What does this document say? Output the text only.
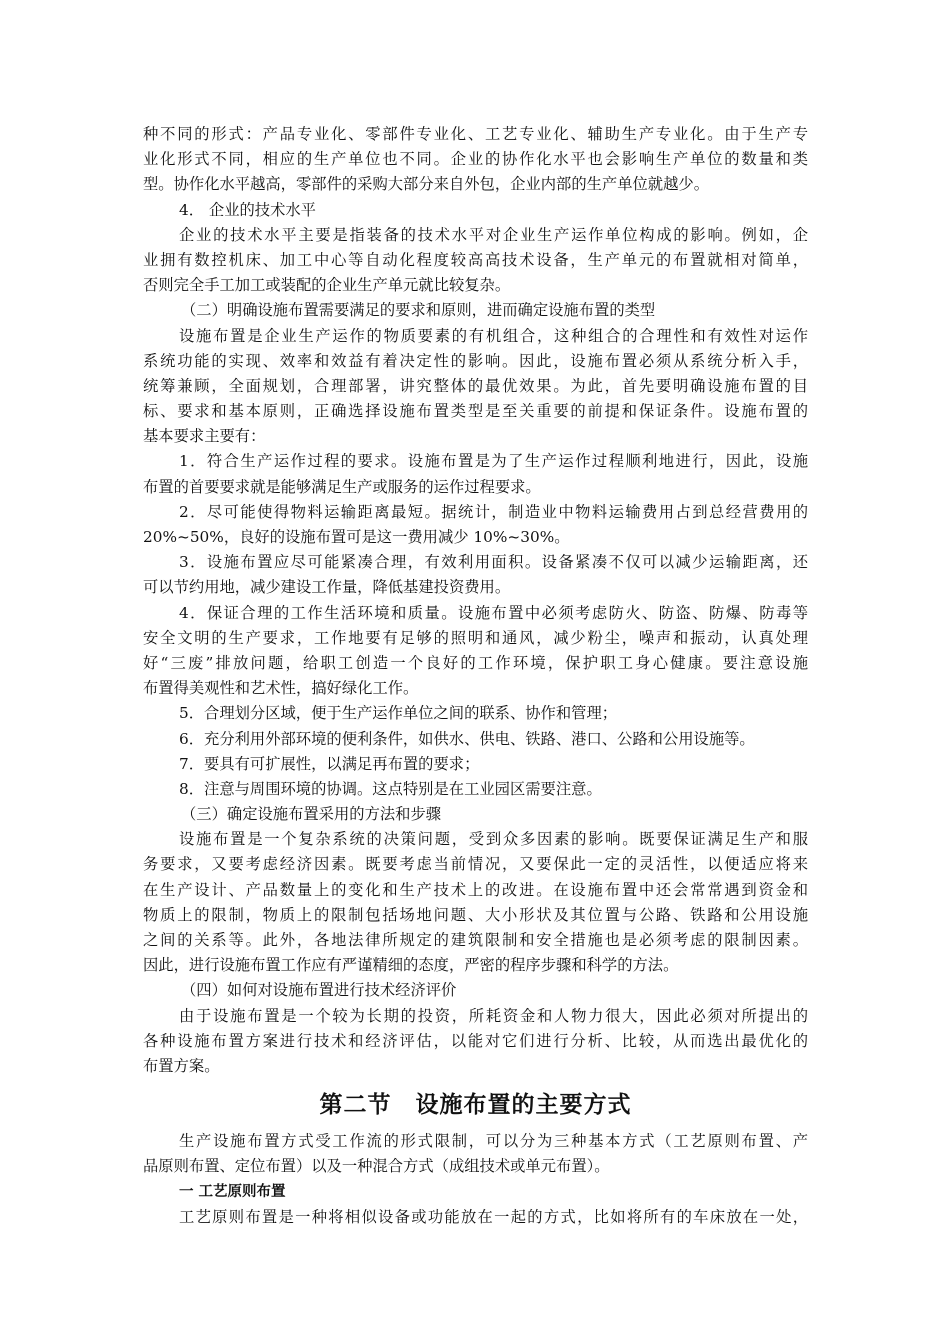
种不同的形式：产品专业化、零部件专业化、工艺专业化、辅助生产专业化。由于生产专

业化形式不同，相应的生产单位也不同。企业的协作化水平也会影响生产单位的数量和类

型。协作化水平越高，零部件的采购大部分来自外包，企业内部的生产单位就越少。

4． 企业的技术水平

企业的技术水平主要是指装备的技术水平对企业生产运作单位构成的影响。例如，企

业拥有数控机床、加工中心等自动化程度较高高技术设备，生产单元的布置就相对简单，

否则完全手工加工或装配的企业生产单元就比较复杂。

（二）明确设施布置需要满足的要求和原则，进而确定设施布置的类型

设施布置是企业生产运作的物质要素的有机组合，这种组合的合理性和有效性对运作

系统功能的实现、效率和效益有着决定性的影响。因此，设施布置必须从系统分析入手，

统筹兼顾，全面规划，合理部署，讲究整体的最优效果。为此，首先要明确设施布置的目

标、要求和基本原则，正确选择设施布置类型是至关重要的前提和保证条件。设施布置的

基本要求主要有：

1．符合生产运作过程的要求。设施布置是为了生产运作过程顺利地进行，因此，设施

布置的首要要求就是能够满足生产或服务的运作过程要求。

2．尽可能使得物料运输距离最短。据统计，制造业中物料运输费用占到总经营费用的

20%~50%，良好的设施布置可是这一费用减少 10%~30%。

3．设施布置应尽可能紧凑合理，有效利用面积。设备紧凑不仅可以减少运输距离，还

可以节约用地，减少建设工作量，降低基建投资费用。

4．保证合理的工作生活环境和质量。设施布置中必须考虑防火、防盗、防爆、防毒等

安全文明的生产要求，工作地要有足够的照明和通风，减少粉尘，噪声和振动，认真处理

好“三废”排放问题，给职工创造一个良好的工作环境，保护职工身心健康。要注意设施

布置得美观性和艺术性，搞好绿化工作。

5．合理划分区域，便于生产运作单位之间的联系、协作和管理；

6．充分利用外部环境的便利条件，如供水、供电、铁路、港口、公路和公用设施等。

7．要具有可扩展性，以满足再布置的要求；

8．注意与周围环境的协调。这点特别是在工业园区需要注意。

（三）确定设施布置采用的方法和步骤

设施布置是一个复杂系统的决策问题，受到众多因素的影响。既要保证满足生产和服

务要求，又要考虑经济因素。既要考虑当前情况，又要保此一定的灵活性，以便适应将来

在生产设计、产品数量上的变化和生产技术上的改进。在设施布置中还会常常遇到资金和

物质上的限制，物质上的限制包括场地问题、大小形状及其位置与公路、铁路和公用设施

之间的关系等。此外，各地法律所规定的建筑限制和安全措施也是必须考虑的限制因素。

因此，进行设施布置工作应有严谨精细的态度，严密的程序步骤和科学的方法。

（四）如何对设施布置进行技术经济评价

由于设施布置是一个较为长期的投资，所耗资金和人物力很大，因此必须对所提出的

各种设施布置方案进行技术和经济评估，以能对它们进行分析、比较，从而选出最优化的

布置方案。

第二节　设施布置的主要方式

生产设施布置方式受工作流的形式限制，可以分为三种基本方式（工艺原则布置、产

品原则布置、定位布置）以及一种混合方式（成组技术或单元布置）。

一 工艺原则布置

工艺原则布置是一种将相似设备或功能放在一起的方式，比如将所有的车床放在一处，
